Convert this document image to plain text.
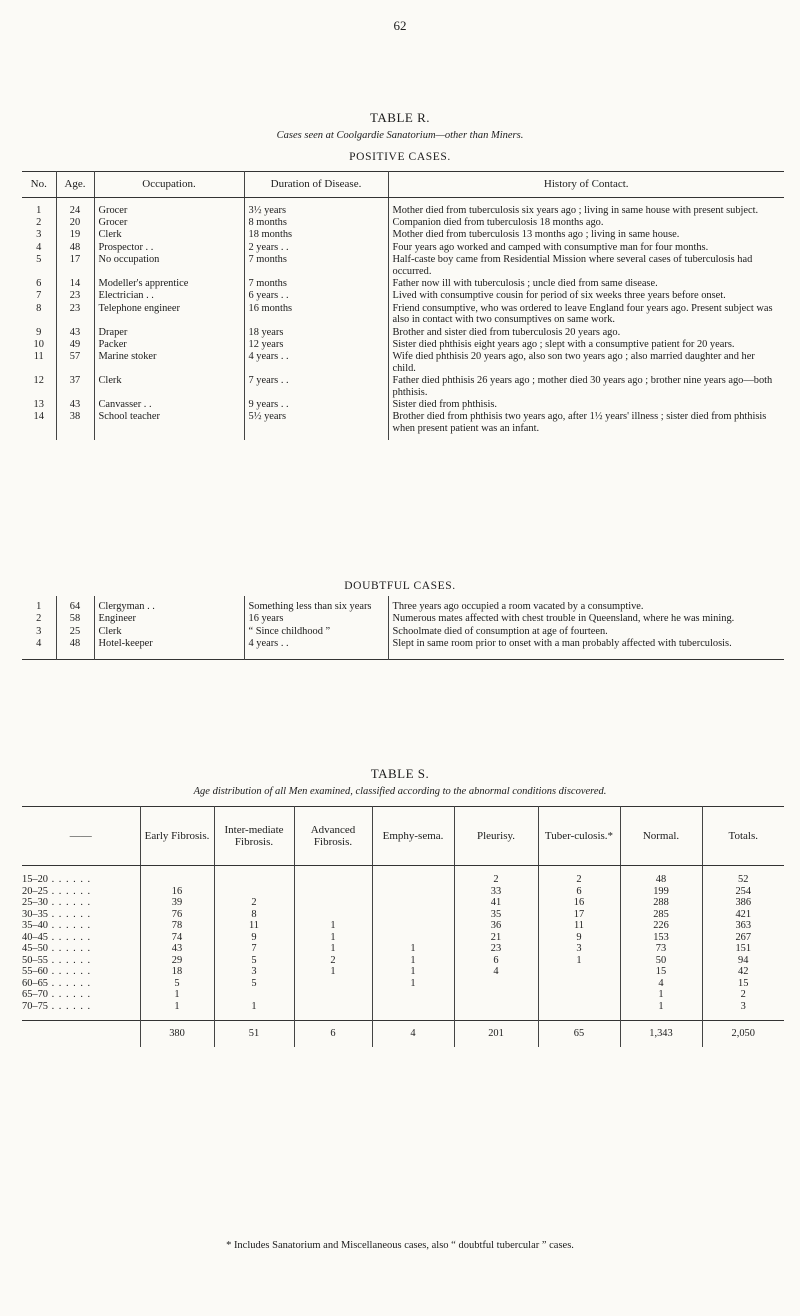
62
TABLE R.
Cases seen at Coolgardie Sanatorium—other than Miners.
POSITIVE CASES.
No.	Age.	Occupation.	Duration of Disease.	History of Contact.

1	24	Grocer	3½ years	Mother died from tuberculosis six years ago ; living in same house with present subject.
2	20	Grocer	8 months	Companion died from tuberculosis 18 months ago.
3	19	Clerk	18 months	Mother died from tuberculosis 13 months ago ; living in same house.
4	48	Prospector . .	2 years . .	Four years ago worked and camped with consumptive man for four months.
5	17	No occupation	7 months	Half-caste boy came from Residential Mission where several cases of tuberculosis had occurred.
6	14	Modeller's apprentice	7 months	Father now ill with tuberculosis ; uncle died from same disease.
7	23	Electrician . .	6 years . .	Lived with consumptive cousin for period of six weeks three years before onset.
8	23	Telephone engineer	16 months	Friend consumptive, who was ordered to leave England four years ago. Present subject was also in contact with two consumptives on same work.
9	43	Draper	18 years	Brother and sister died from tuberculosis 20 years ago.
10	49	Packer	12 years	Sister died phthisis eight years ago ; slept with a consumptive patient for 20 years.
11	57	Marine stoker	4 years . .	Wife died phthisis 20 years ago, also son two years ago ; also married daughter and her child.
12	37	Clerk	7 years . .	Father died phthisis 26 years ago ; mother died 30 years ago ; brother nine years ago—both phthisis.
13	43	Canvasser . .	9 years . .	Sister died from phthisis.
14	38	School teacher	5½ years	Brother died from phthisis two years ago, after 1½ years' illness ; sister died from phthisis when present patient was an infant.

DOUBTFUL CASES.

1	64	Clergyman . .	Something less than six years	Three years ago occupied a room vacated by a consumptive.
2	58	Engineer	16 years	Numerous mates affected with chest trouble in Queensland, where he was mining.
3	25	Clerk	“ Since childhood ”	Schoolmate died of consumption at age of fourteen.
4	48	Hotel-keeper	4 years . .	Slept in same room prior to onset with a man probably affected with tuberculosis.

TABLE S.
Age distribution of all Men examined, classified according to the abnormal conditions discovered.
——	Early Fibrosis.	Inter-mediate Fibrosis.	Advanced Fibrosis.	Emphy-sema.	Pleurisy.	Tuber-culosis.*	Normal.	Totals.

15–20 . . . . . .					2	2	48	52
20–25 . . . . . .	16				33	6	199	254
25–30 . . . . . .	39	2			41	16	288	386
30–35 . . . . . .	76	8			35	17	285	421
35–40 . . . . . .	78	11	1		36	11	226	363
40–45 . . . . . .	74	9	1		21	9	153	267
45–50 . . . . . .	43	7	1	1	23	3	73	151
50–55 . . . . . .	29	5	2	1	6	1	50	94
55–60 . . . . . .	18	3	1	1	4		15	42
60–65 . . . . . .	5	5		1			4	15
65–70 . . . . . .	1						1	2
70–75 . . . . . .	1	1					1	3

	380	51	6	4	201	65	1,343	2,050
* Includes Sanatorium and Miscellaneous cases, also “ doubtful tubercular ” cases.
